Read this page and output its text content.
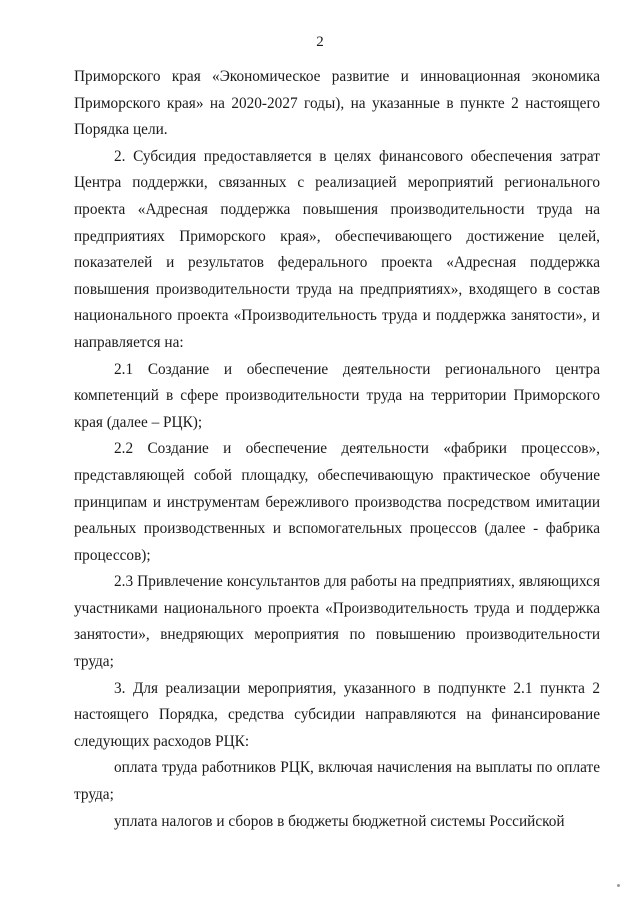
2

Приморского края «Экономическое развитие и инновационная экономика Приморского края» на 2020-2027 годы), на указанные в пункте 2 настоящего Порядка цели.

2. Субсидия предоставляется в целях финансового обеспечения затрат Центра поддержки, связанных с реализацией мероприятий регионального проекта «Адресная поддержка повышения производительности труда на предприятиях Приморского края», обеспечивающего достижение целей, показателей и результатов федерального проекта «Адресная поддержка повышения производительности труда на предприятиях», входящего в состав национального проекта «Производительность труда и поддержка занятости», и направляется на:

2.1 Создание и обеспечение деятельности регионального центра компетенций в сфере производительности труда на территории Приморского края (далее – РЦК);

2.2 Создание и обеспечение деятельности «фабрики процессов», представляющей собой площадку, обеспечивающую практическое обучение принципам и инструментам бережливого производства посредством имитации реальных производственных и вспомогательных процессов (далее - фабрика процессов);

2.3 Привлечение консультантов для работы на предприятиях, являющихся участниками национального проекта «Производительность труда и поддержка занятости», внедряющих мероприятия по повышению производительности труда;

3. Для реализации мероприятия, указанного в подпункте 2.1 пункта 2 настоящего Порядка, средства субсидии направляются на финансирование следующих расходов РЦК:

оплата труда работников РЦК, включая начисления на выплаты по оплате труда;

уплата налогов и сборов в бюджеты бюджетной системы Российской
